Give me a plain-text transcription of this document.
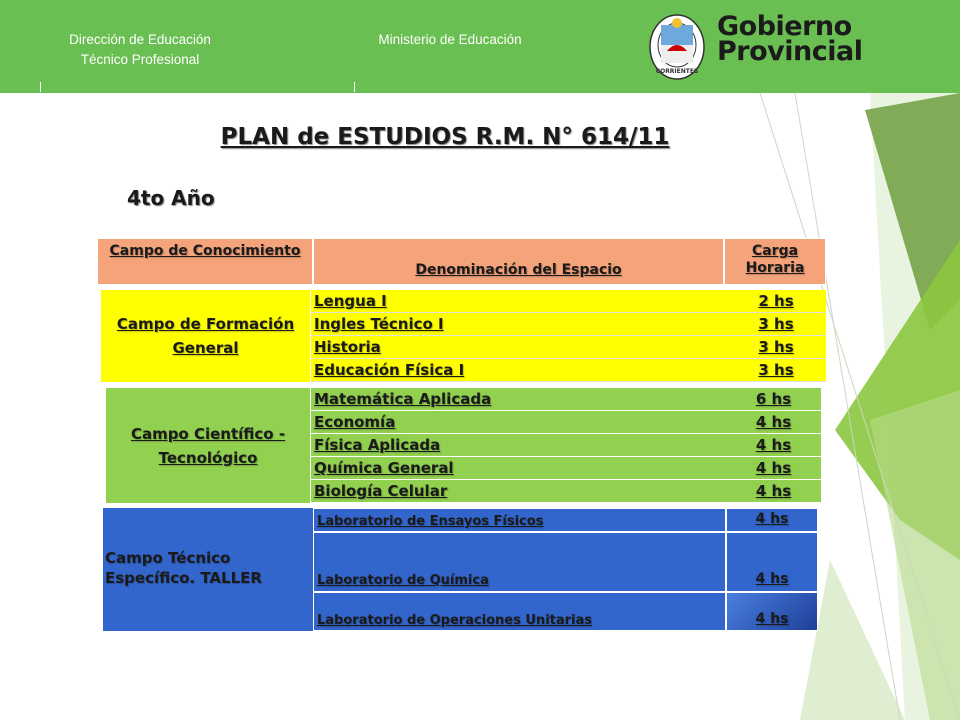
Dirección de Educación
Técnico Profesional
Ministerio de Educación
CORRIENTES
Gobierno
Provincial
PLAN de ESTUDIOS R.M. N° 614/11
4to Año
Campo de Conocimiento
Denominación del Espacio
Carga Horaria
Campo de Formación General
Lengua I	2 hs
Ingles Técnico I	3 hs
Historia	3 hs
Educación Física I	3 hs
Campo Científico - Tecnológico
Matemática Aplicada	6 hs
Economía	4 hs
Física Aplicada	4 hs
Química General	4 hs
Biología Celular	4 hs
Campo Técnico Específico. TALLER
Laboratorio de Ensayos Físicos	4 hs
Laboratorio de Química	4 hs
Laboratorio de Operaciones Unitarias	4 hs
